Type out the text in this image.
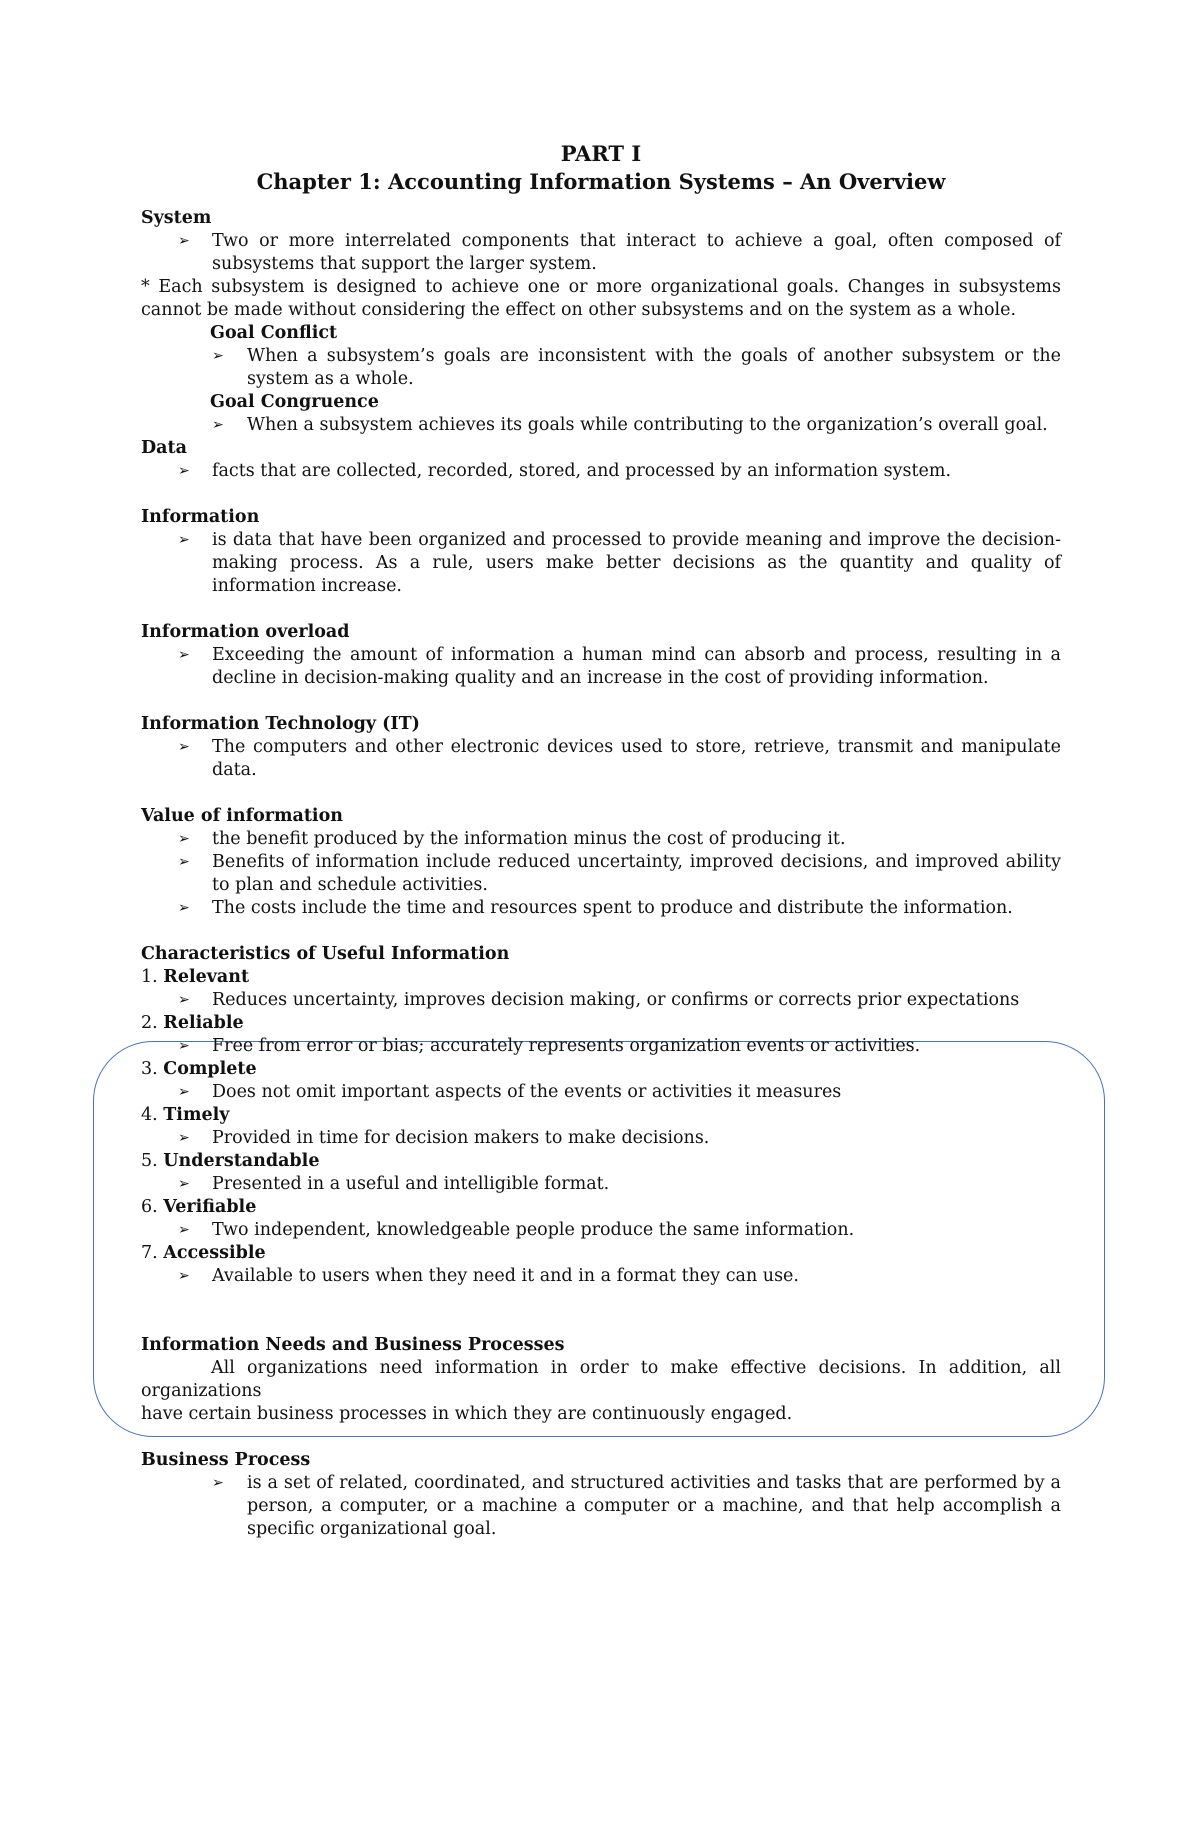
PART I
Chapter 1: Accounting Information Systems – An Overview
System
➢ Two or more interrelated components that interact to achieve a goal, often composed of subsystems that support the larger system.
* Each subsystem is designed to achieve one or more organizational goals. Changes in subsystems cannot be made without considering the effect on other subsystems and on the system as a whole.
Goal Conflict
➢ When a subsystem’s goals are inconsistent with the goals of another subsystem or the system as a whole.
Goal Congruence
➢ When a subsystem achieves its goals while contributing to the organization’s overall goal.
Data
➢ facts that are collected, recorded, stored, and processed by an information system.
Information
➢ is data that have been organized and processed to provide meaning and improve the decision-making process. As a rule, users make better decisions as the quantity and quality of information increase.
Information overload
➢ Exceeding the amount of information a human mind can absorb and process, resulting in a decline in decision-making quality and an increase in the cost of providing information.
Information Technology (IT)
➢ The computers and other electronic devices used to store, retrieve, transmit and manipulate data.
Value of information
➢ the benefit produced by the information minus the cost of producing it.
➢ Benefits of information include reduced uncertainty, improved decisions, and improved ability to plan and schedule activities.
➢ The costs include the time and resources spent to produce and distribute the information.
Characteristics of Useful Information
1. Relevant
➢ Reduces uncertainty, improves decision making, or confirms or corrects prior expectations
2. Reliable
➢ Free from error or bias; accurately represents organization events or activities.
3. Complete
➢ Does not omit important aspects of the events or activities it measures
4. Timely
➢ Provided in time for decision makers to make decisions.
5. Understandable
➢ Presented in a useful and intelligible format.
6. Verifiable
➢ Two independent, knowledgeable people produce the same information.
7. Accessible
➢ Available to users when they need it and in a format they can use.
Information Needs and Business Processes
All organizations need information in order to make effective decisions. In addition, all organizations
have certain business processes in which they are continuously engaged.
Business Process
➢ is a set of related, coordinated, and structured activities and tasks that are performed by a person, a computer, or a machine a computer or a machine, and that help accomplish a specific organizational goal.
